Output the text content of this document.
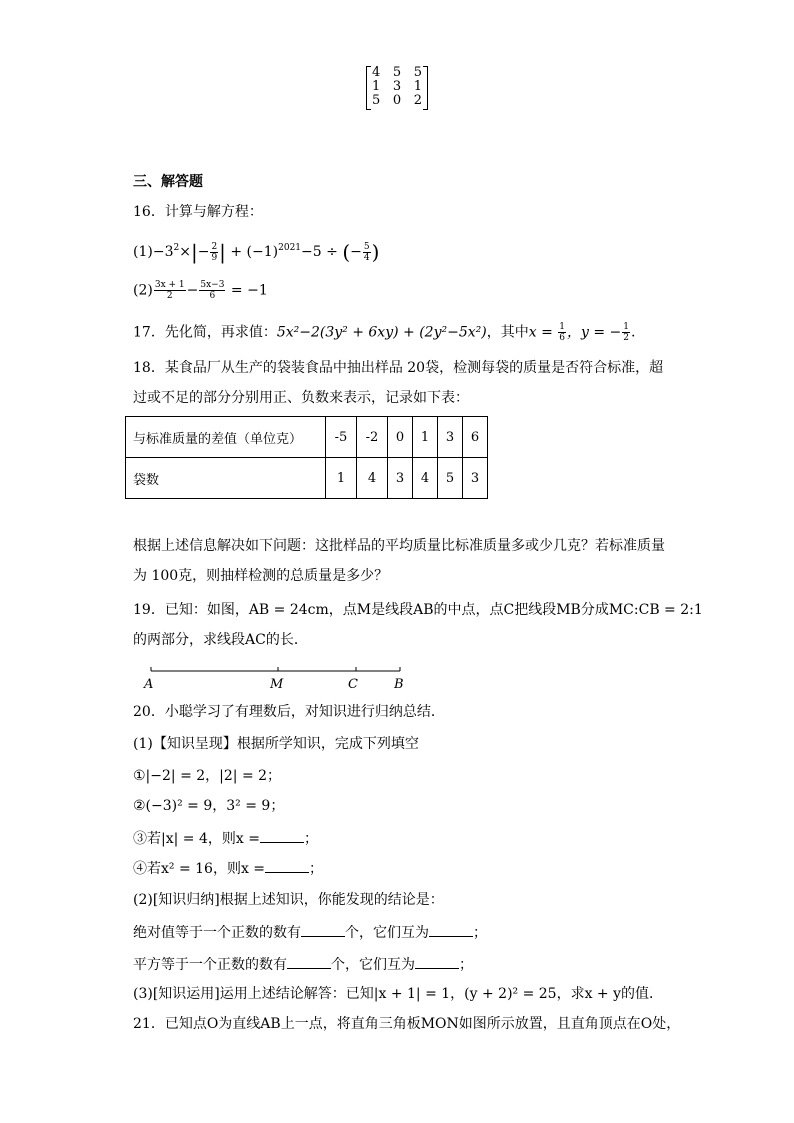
4 5 5
1 3 1
5 0 2
三、解答题
16．计算与解方程：
$(1)-3^2\times|- \frac{2}{9}$ | + $(-1)^{2021}-5$ ÷ (− $\frac{5}{4}$ )
$(2) \frac{3x + 1}{2} - \frac{5x-3}{6} = -1$
17．先化简，再求值：5x²−2(3y² + 6xy) + (2y²−5x²)，其中$x = \frac{1}{6}$ ，y = − $\frac{1}{2}$ .
18．某食品厂从生产的袋装食品中抽出样品 20袋，检测每袋的质量是否符合标准，超
过或不足的部分分别用正、负数来表示，记录如下表：
与标准质量的差值（单位克）	-5	-2	0	1	3	6
袋数	1	4	3	4	5	3
根据上述信息解决如下问题：这批样品的平均质量比标准质量多或少几克？若标准质量
为 100克，则抽样检测的总质量是多少？
19．已知：如图，AB = 24cm，点M是线段AB的中点，点C把线段MB分成MC:CB = 2:1
的两部分，求线段AC的长．
A	M	C	B
20．小聪学习了有理数后，对知识进行归纳总结．
(1)【知识呈现】根据所学知识，完成下列填空
①|−2| = 2，|2| = 2；
②(−3)² = 9，3² = 9；
③若|x| = 4，则x =	；
④若x² = 16，则x =	；
(2)[知识归纳]根据上述知识，你能发现的结论是：
绝对值等于一个正数的数有	个，它们互为	；
平方等于一个正数的数有	个，它们互为	；
(3)[知识运用]运用上述结论解答：已知|x + 1| = 1，(y + 2)² = 25，求x + y的值．
21．已知点O为直线AB上一点，将直角三角板MON如图所示放置，且直角顶点在O处，
